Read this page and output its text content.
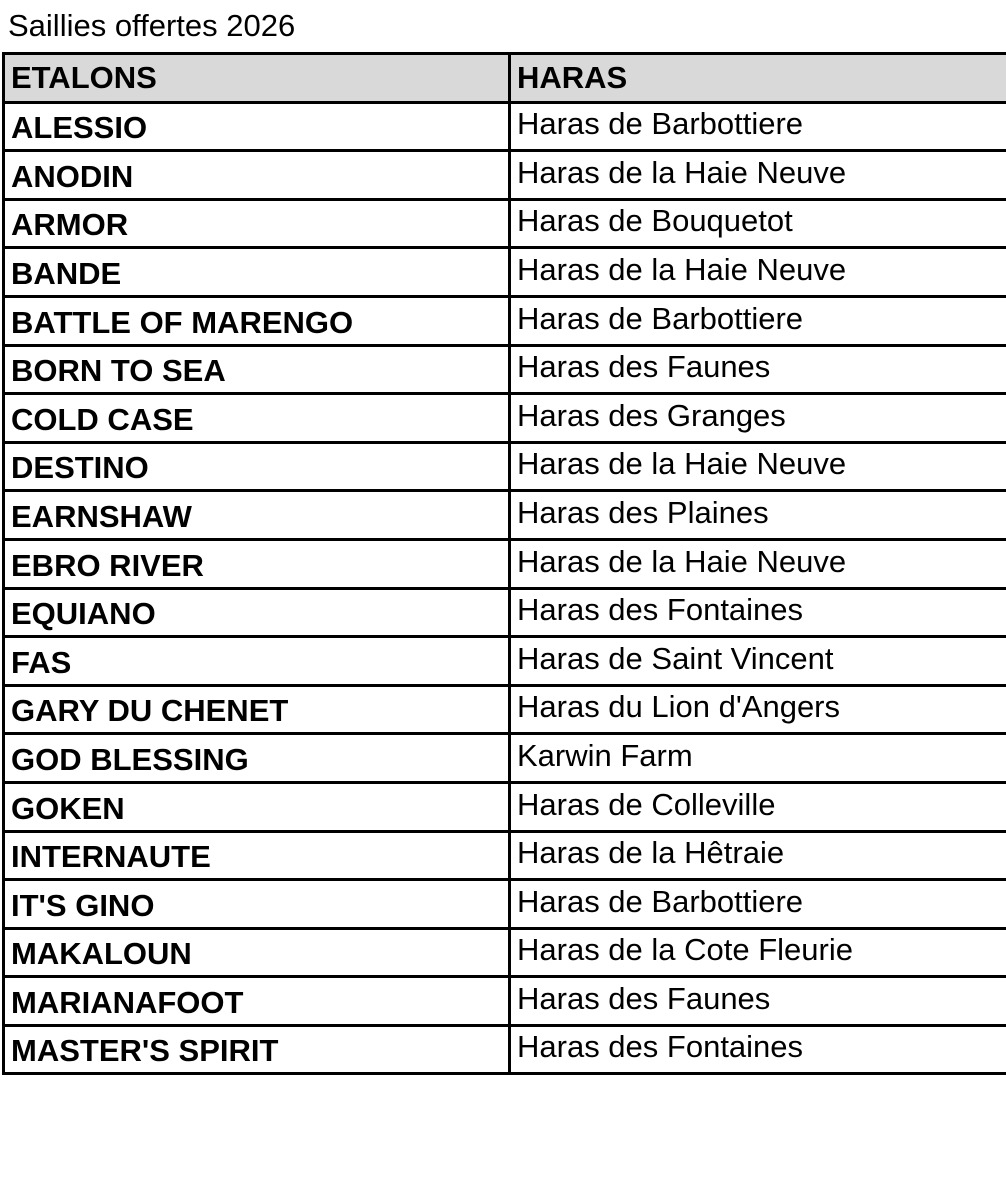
Saillies offertes 2026
ETALONS	HARAS
ALESSIO	Haras de Barbottiere
ANODIN	Haras de la Haie Neuve
ARMOR	Haras de Bouquetot
BANDE	Haras de la Haie Neuve
BATTLE OF MARENGO	Haras de Barbottiere
BORN TO SEA	Haras des Faunes
COLD CASE	Haras des Granges
DESTINO	Haras de la Haie Neuve
EARNSHAW	Haras des Plaines
EBRO RIVER	Haras de la Haie Neuve
EQUIANO	Haras des Fontaines
FAS	Haras de Saint Vincent
GARY DU CHENET	Haras du Lion d'Angers
GOD BLESSING	Karwin Farm
GOKEN	Haras de Colleville
INTERNAUTE	Haras de la Hêtraie
IT'S GINO	Haras de Barbottiere
MAKALOUN	Haras de la Cote Fleurie
MARIANAFOOT	Haras des Faunes
MASTER'S SPIRIT	Haras des Fontaines
